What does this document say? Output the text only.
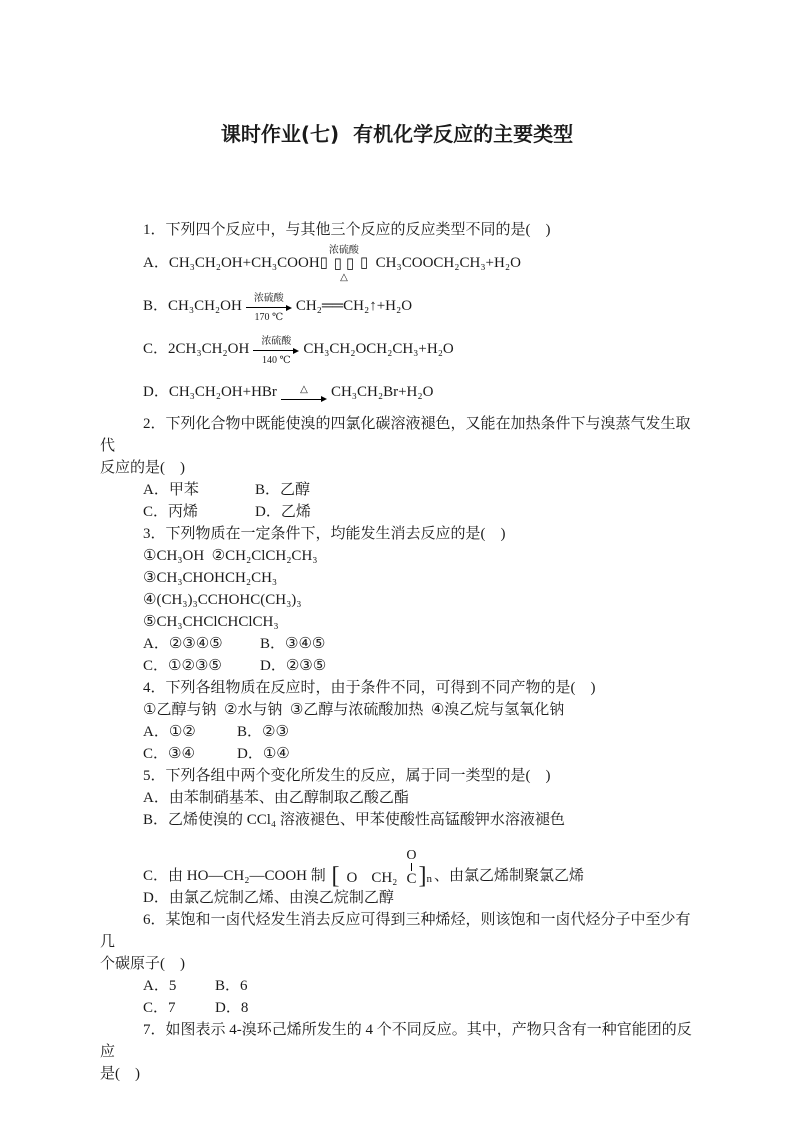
课时作业(七)  有机化学反应的主要类型

1．下列四个反应中，与其他三个反应的反应类型不同的是(    )

A．CH₃CH₂OH+CH₃COOH▯
浓硫酸
▯▯
△
▯  CH₃COOCH₂CH₃+H₂O
B．CH₃CH₂OH 浓硫酸
170 ℃
CH₂══CH₂↑+H₂O
C．2CH₃CH₂OH 浓硫酸
140 ℃
CH₃CH₂OCH₂CH₃+H₂O
D．CH₃CH₂OH+HBr △ CH₃CH₂Br+H₂O

2．下列化合物中既能使溴的四氯化碳溶液褪色，又能在加热条件下与溴蒸气发生取代

反应的是(    )

A．甲苯	B．乙醇

C．丙烯	D．乙烯

3．下列物质在一定条件下，均能发生消去反应的是(    )

①CH₃OH  ②CH₂ClCH₂CH₃

③CH₃CHOHCH₂CH₃

④(CH₃)₃CCHOHC(CH₃)₃

⑤CH₃CHClCHClCH₃

A．②③④⑤ B．③④⑤

C．①②③⑤	D．②③⑤

4．下列各组物质在反应时，由于条件不同，可得到不同产物的是(    )

①乙醇与钠  ②水与钠  ③乙醇与浓硫酸加热  ④溴乙烷与氢氧化钠

A．①②	B．②③

C．③④	D．①④

5．下列各组中两个变化所发生的反应，属于同一类型的是(    )

A．由苯制硝基苯、由乙醇制取乙酸乙酯

B．乙烯使溴的 CCl₄ 溶液褪色、甲苯使酸性高锰酸钾水溶液褪色

C．由 HO—CH₂—COOH 制 [ O CH₂
O
C ] n 、由氯乙烯制聚氯乙烯

D．由氯乙烷制乙烯、由溴乙烷制乙醇

6．某饱和一卤代烃发生消去反应可得到三种烯烃，则该饱和一卤代烃分子中至少有几

个碳原子(    )

A．5	B．6

C．7	D．8

7．如图表示 4-溴环己烯所发生的 4 个不同反应。其中，产物只含有一种官能团的反应

是(    )
